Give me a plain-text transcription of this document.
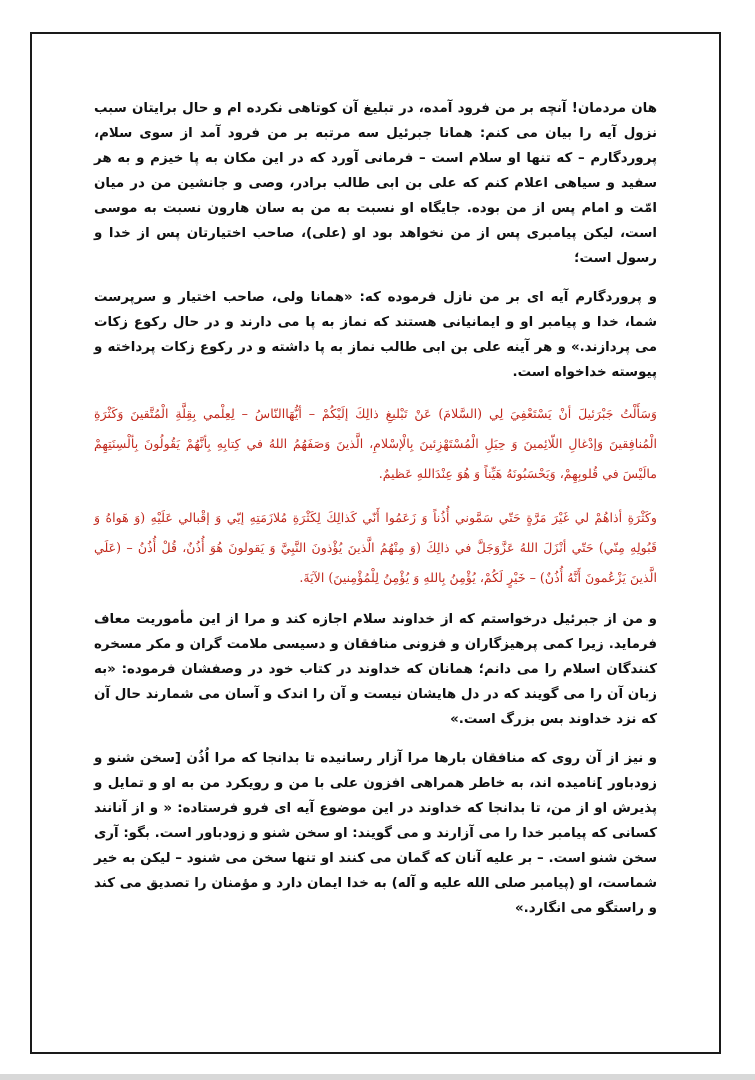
هان مردمان! آنچه بر من فرود آمده، در تبلیغ آن کوتاهی نکرده ام و حال برایتان سبب نزول آیه را بیان می کنم: همانا جبرئیل سه مرتبه بر من فرود آمد از سوی سلام، پروردگارم – که تنها او سلام است – فرمانی آورد که در این مکان به پا خیزم و به هر سفید و سیاهی اعلام کنم که علی بن ابی طالب برادر، وصی و جانشین من در میان امّت و امام پس از من بوده. جایگاه او نسبت به من به سان هارون نسبت به موسی است، لیکن پیامبری پس از من نخواهد بود او (علی)، صاحب اختیارتان پس از خدا و رسول است؛

و پروردگارم آیه ای بر من نازل فرموده که: «همانا ولی، صاحب اختیار و سرپرست شما، خدا و پیامبر او و ایمانیانی هستند که نماز به پا می دارند و در حال رکوع زکات می پردازند.» و هر آینه علی بن ابی طالب نماز به پا داشته و در رکوع زکات پرداخته و پیوسته خداخواه است.

وَسَأَلْتُ جَبْرَئيلَ أنْ يَسْتَعْفِيَ لِي (السَّلامَ) عَنْ تَبْليغِ ذالِكَ إلَيْكُمْ – أيُّهَاالنّاسُ – لِعِلْمي بِقِلَّةِ الْمُتَّقينَ وَكَثْرَةِ الْمُنافِقينَ وَإدْغالِ اللّائِمينَ وَ حِيَلِ الْمُسْتَهْزِئينَ بِالْإسْلامِ، الَّذينَ وَصَفَهُمُ اللهُ في كِتابِهِ بِأنَّهُمْ يَقُولُونَ بِألْسِنَتِهِمْ مالَيْسَ في قُلوبِهِمْ، وَيَحْسَبُونَهُ هَيِّناً وَ هُوَ عِنْدَاللهِ عَظيمٌ.

وكَثْرَةِ أذاهُمْ لي غَيْرَ مَرَّةٍ حَتّي سَمَّوني أُذُناً وَ زَعَمُوا أَنّي كَذالِكَ لِكَثْرَةِ مُلازَمَتِهِ إيّي وَ إقْبالي عَلَيْهِ (وَ هَواهُ وَ قَبُولِهِ مِنّي) حَتّي أنْزَلَ اللهُ عَزَّوَجَلَّ في ذالِكَ (وَ مِنْهُمُ الَّذينَ يُؤْذونَ النَّبِيَّ وَ يَقولونَ هُوَ أُذُنٌ، قُلْ أُذُنُ – (عَلَي الَّذينَ يَزْعُمونَ أَنَّهُ أُذُنٌ) – خَيْرٍ لَكُمْ، يُؤْمِنُ بِاللهِ وَ يُؤْمِنُ لِلْمُؤْمِنينَ) الآيَةَ.

و من از جبرئیل درخواستم که از خداوند سلام اجازه کند و مرا از این مأموریت معاف فرماید. زیرا کمی پرهیزگاران و فزونی منافقان و دسیسی ملامت گران و مکر مسخره کنندگان اسلام را می دانم؛ همانان که خداوند در کتاب خود در وصفشان فرموده: «به زبان آن را می گویند که در دل هایشان نیست و آن را اندک و آسان می شمارند حال آن که نزد خداوند بس بزرگ است.»

و نیز از آن روی که منافقان بارها مرا آزار رسانیده تا بدانجا که مرا اُذُن [سخن شنو و زودباور ]نامیده اند، به خاطر همراهی افزون علی با من و رویکرد من به او و تمایل و پذیرش او از من، تا بدانجا که خداوند در این موضوع آیه ای فرو فرستاده: « و از آنانند کسانی که پیامبر خدا را می آزارند و می گویند: او سخن شنو و زودباور است. بگو: آری سخن شنو است. – بر علیه آنان که گمان می کنند او تنها سخن می شنود – لیکن به خیر شماست، او (پیامبر صلی الله علیه و آله) به خدا ایمان دارد و مؤمنان را تصدیق می کند و راستگو می انگارد.»
